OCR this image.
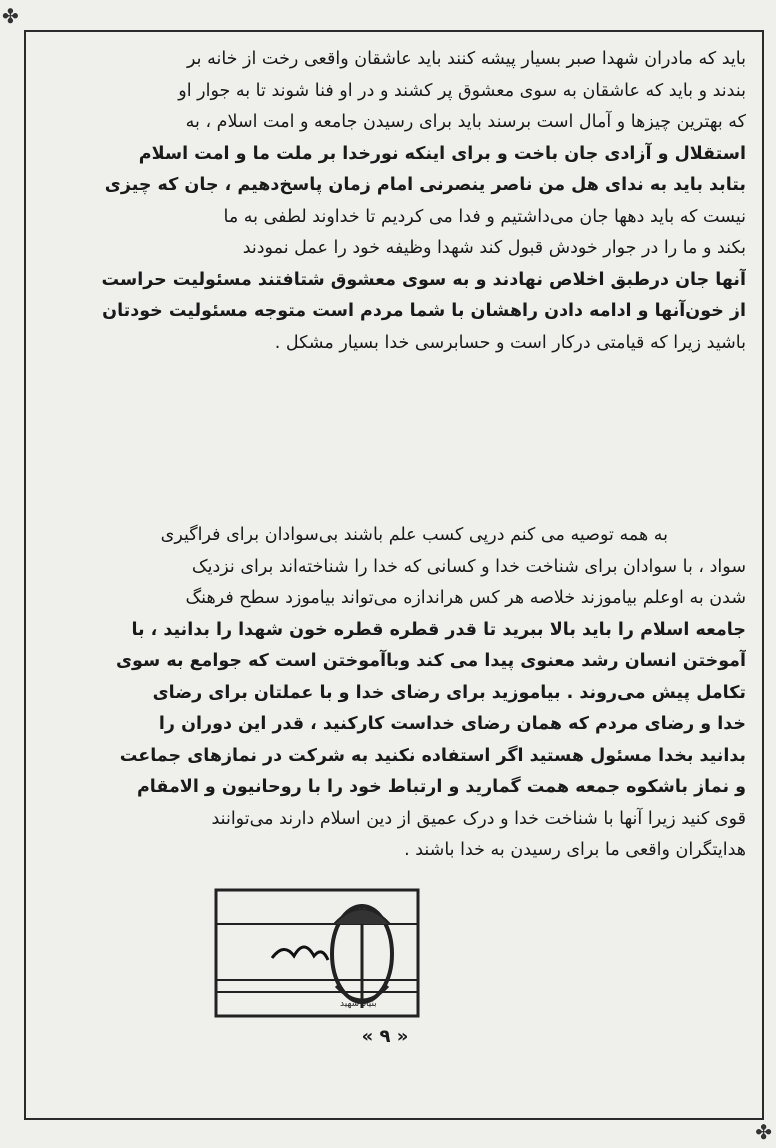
✤

باید که مادران شهدا صبر بسیار پیشه کنند باید عاشقان واقعی رخت از خانه بر

بندند و باید که عاشقان به سوی معشوق پر کشند و در او فنا شوند تا به جوار او

که بهترین چیزها و آمال است برسند باید برای رسیدن جامعه و امت اسلام ، به

استقلال و آزادی جان باخت و برای اینکه نورخدا بر ملت ما و امت اسلام

بتابد باید به ندای هل من ناصر ینصرنی امام زمان پاسخ‌دهیم ، جان که چیزی

نیست که باید دهها جان می‌داشتیم و فدا می کردیم تا خداوند لطفی به ما

بکند و ما را در جوار خودش قبول کند شهدا وظیفه خود را عمل نمودند

آنها جان درطبق اخلاص نهادند و به سوی معشوق شتافتند مسئولیت حراست

از خون‌آنها و ادامه دادن راهشان با شما مردم است متوجه مسئولیت خودتان

باشید زیرا که قیامتی درکار است و حسابرسی خدا بسیار مشکل .

به همه توصیه می کنم درپی کسب علم باشند بی‌سوادان برای فراگیری

سواد ، با سوادان برای شناخت خدا و کسانی که خدا را شناخته‌اند برای نزدیک

شدن به اوعلم بیاموزند خلاصه هر کس هراندازه می‌تواند بیاموزد سطح فرهنگ

جامعه اسلام را باید بالا ببرید تا قدر قطره قطره خون شهدا را بدانید ، با

آموختن انسان رشد معنوی پیدا می کند وباآموختن است که جوامع به سوی

تکامل پیش می‌روند . بیاموزید برای رضای خدا و با عملتان برای رضای

خدا و رضای مردم که همان رضای خداست کارکنید ، قدر این دوران را

بدانید بخدا مسئول هستید اگر استفاده نکنید به شرکت در نمازهای جماعت

و نماز باشکوه جمعه همت گمارید و ارتباط خود را با روحانیون و الامقام

قوی کنید زیرا آنها با شناخت خدا و درک عمیق از دین اسلام دارند می‌توانند

هدایتگران واقعی ما برای رسیدن به خدا باشند .

بنیاد شهید
« ۹ »
✤
